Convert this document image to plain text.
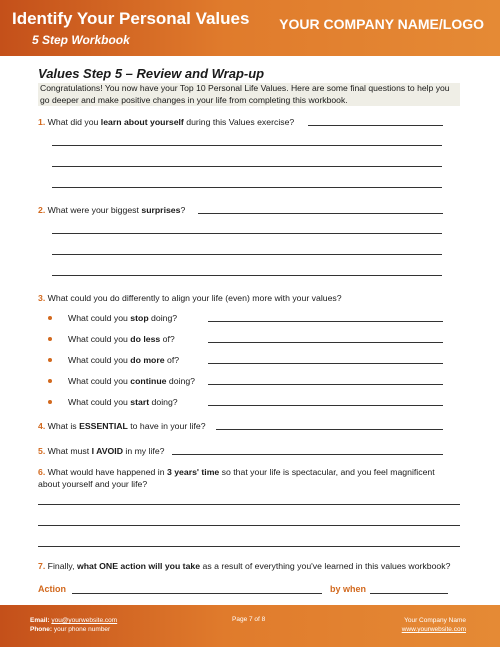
Identify Your Personal Values
5 Step Workbook
YOUR COMPANY NAME/LOGO
Values Step 5 – Review and Wrap-up
Congratulations! You now have your Top 10 Personal Life Values. Here are some final questions to help you
go deeper and make positive changes in your life from completing this workbook.
1. What did you learn about yourself during this Values exercise?
2. What were your biggest surprises?
3. What could you do differently to align your life (even) more with your values?
What could you stop doing?
What could you do less of?
What could you do more of?
What could you continue doing?
What could you start doing?
4. What is ESSENTIAL to have in your life?
5. What must I AVOID in my life?
6. What would have happened in 3 years' time so that your life is spectacular, and you feel magnificent
about yourself and your life?
7. Finally, what ONE action will you take as a result of everything you've learned in this values workbook?
Action	by when
Email: you@yourwebsite.com
Phone: your phone number
Page 7 of 8	Your Company Name
www.yourwebsite.com
